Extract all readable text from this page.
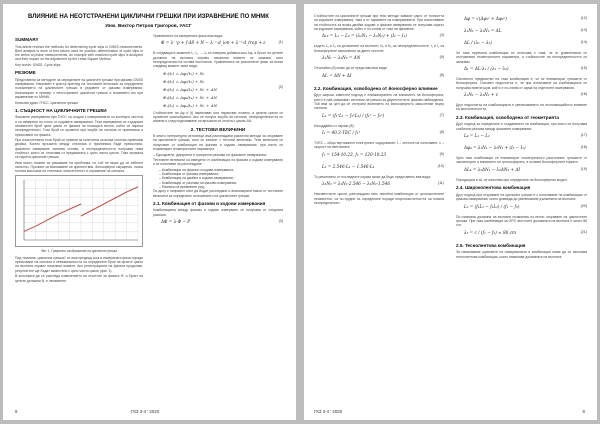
ВЛИЯНИЕ НА НЕОТСТРАНЕНИ ЦИКЛИЧНИ ГРЕШКИ ПРИ ИЗРАВНЕНИЕ ПО МНМК

Инж. Виктор Петров Григоров, УАСГ

SUMMARY

This article reviews the methods for determining cycle slips in GNSS measurements. Brief analysis is done of test values used for position determination of cycle slips in the series of phase measurements. An example with unsolved cycle slips is analyzed and their impact on the adjustment by the Least Square Method.

Key words: GNSS, Cycle slips

РЕЗЮМЕ

Представени са методите за определяне на цикличен грешки при фазови GNSS измервания. Направен е кратък преглед на тестовите величини за определяне положението на цикличните грешки в редовете от фазови измервания. Анализиран е пример с неотстранени циклични грешки и влиянието им при изравнение по МНМК.

Ключови думи: ГНСС, Циклични грешки

1. СЪЩНОСТ НА ЦИКЛИЧНИТЕ ГРЕШКИ

Фазовите измервания при ГНСС са сходни с измерванията по косинуса честота и са измерени по-точно от кодовите измервания. Тези измервания се съдържат неизвестен брой цели цикли от фазата на носещата вълна, който се нарича неопределеност. Този брой се променя при загуба на сигнала от приемника и прекъсване на фазата.

При изчисленията този брой се приема за константа за всяка спътник-приемник двойка. Когато връзката между спътника и приемника бъде прекъсната, фазовото измерване започва отново, а неопределеността получава нова стойност, която се отличава от предишната с цяло число цикли. Тази промяна се нарича циклична грешка.

Има много начини за решаване на проблема, но той не може да се избегне напълно. Причини за възникване са препятствия, йоносферни смущения, ниска ъглова височина на спътника, многопътност и отражение на сигнала.

Фиг. 1. Графично изображение на циклична грешка

Под термина „циклична грешка" се има предвид скок в измерената фаза поради прекъсване на сигнала и невъзможността на определяне броя на целите цикли на вълната спрямо началния момент. Ако регистрацията на фазата продължи, резултатите ще бъдат изместени с цяло число цикли (фиг. 1).

В колонката да се разгледа изменението на отчетите за фазата Ф, а броят на целите дължини N, е неизменен.

Уравнението на измерената фаза има вида:

Φ = λ⁻¹ρ + f·Δδ + N − λ⁻¹·d_ion + λ⁻¹·d_trop + ε	(1)

В следващите моменти t₁, t₂, ..., tₙ се измерва добавка към Δφ, а броят на целите дължини на вълната спрямо началния момент се запазва, като неопределеността остава постоянна. Уравненията на различните фази за всеки следващ момент имат вида:

Φ₁(t₁) = Δφ₁(t₁) + N₁
Φ₂(t₂) = Δφ₂(t₂) + N₁
Φ₃(t₃) = Δφ₃(t₃) + N₁ + ΔN
Φ₄(t₄) = Δφ₄(t₄) + N₁ + ΔN
Φₙ(tₙ) = Δφₙ(tₙ) + N₁ + ΔN
(2)

Стойностите на Δφ и (t) намаляват или нарастват плавно, а целите цикли се променят скокообразно. Ако се получи загуба на сигнала, неопределеността се изменя и след подновяване на връзката се отчита с цикли ΔN.

2. ТЕСТОВИ ВЕЛИЧИНИ

В много литературни източници има разглеждани различни методи за откриване на цикличните грешки, като се залагат с тестови величини. Тези величини се получават от комбинации на фазови и кодови измервания, при които се елиминират геометричните параметри.

– Еднократни, двукратни и трикратни разлики на фазовите измервания;

Тестовите величини са изведени от комбинации на фазови и кодови измервания и се използват за разглеждане:

– Комбинация на фазови и кодови измервания;

– Комбинация от фазови измервания;

– Комбинация на двойни и кодови измервания;

– Комбинация от разлики на фазови измервания;

– Разлики на времевите ред;

По-долу е направен опит да бъдат разгледани и анализирани някои от тестовите величини за определяне положението на цикличните грешки.

2.1. Комбинация от фазови и кодови измервания

Комбинацията между фазово и кодово измерване се получава от следната разлика:

ΔΦ = λ·Φ − P	(3)
8	ГКЗ 3-4 ' 2020

Стойностите на цикличните грешки при тези методи зависят както от точността на кодовите измервания, така и от шумовете на измерванията. При изчисляване на стойността за всяка двойка кодови и фазови измервания се получава шумът на кодовите измервания, който е по-голям от този на фазовите.

Δ₁₂ = L₁ − L₂ = (λ₁N₁ − λ₂N₂) + (I₂ − I₁)	(4)

където λ₁ и λ₂ са дължините на вълните; N₁ и N₂ са неопределеностите; I₁ и I₂ са йоносферните закъснения за двете честоти:

λ₁N₁ − λ₂N₂ = ΔN	(5)

Отчитайки (5) може да се представи във вида:

ΔL = ΔN + ΔI	(6)

2.2. Комбинация, освободена от йоносферно влияние

Друг широко известен подход е елиминирането на влиянието на йоносферата, което е най-значимият източник на грешки за двучестотните фазови наблюдения. Той има за цел да се отстрани влиянието на йоносферното закъснение върху сигнала:

L₃ = (f₁²L₁ − f₂²L₂) / (f₁² − f₂²)	(7)

Изходдайки от изрази (8):

I₁ = 40.3·TEC / f₁²	(8)

TVEC – общо вертикално електронно съдържание; f – честота на излъчване; c – скорост на светлината.

f₁ = 154·10.23, f₂ = 120·10.23	(9)
L₃ = 2.546·L₁ − 1.546·L₂	(10)

То решението от последните изрази може да бъде представено във вида:

λ₃N₃ = λ₁N₁·2.546 − λ₂N₂·1.546	(11)

Неизвестните цикли, разглеждани като линейна комбинация от целочислените неизвестни, са по-трудни за определяне поради нецелочислеността на новата неопределеност.

Δφ = √(Δφ₁² + Δφ₂²)	(12)
λ₁N₁ − λ₂N₂ = ΔL	(13)
ΔL / (λ₁ − λ₂)	(14)

Че така наречена комбинация се отличава с това, че от уравненията се отстраняват геометричните параметри, а стойностите на неопределеността се запазват.

Δ₁ = ΔL·λ₁ / (λ₁ − λ₂)	(15)

Основното предимство на тази комбинация е, че се елиминират грешките от йоносферата. Основен недостатък е, че при използване на комбинацията се получава повече шум, който е по-голям от шума на отделните измервания.

λ₁N₁ − λ₂N₂ + ε	(16)

Друг недостатък на комбинацията е увеличаването на пълномащабното влияние на многопътността.

2.3. Комбинация, освободена от геометрията

Друг подход за определяне е създаването на комбинация, при която се получава стабилна разлика между фазовите измервания:

L₄ = L₁ − L₂	(17)
Δφ₄ = λ₁N₁ − λ₂N₂ + (I₂ − I₁)	(18)

Чрез тази комбинация се елиминират геометричното разстояние, грешките от часовниците и влиянието на тропосферата, а остават йоносферните ефекти.

ΔL₄ = λ₁ΔN₁ − λ₂ΔN₂ + ΔI	(19)

Породицата в ΔL се използва при определяне на йоносферния модел.

2.4. Широколентова комбинация

Друг подход при откриване на циклични грешки е с използване на комбинация от фазови измервания, която довежда до увеличаване дължината на вълната:

L₅ = (f₁L₁ − f₂L₂) / (f₁ − f₂)	(20)

По-голямата дължина на вълната позволява по-лесно откриване на цикличните грешки. При тази комбинация за GPS честотите дължината на вълната е около 86 cm:

λ₅ = c / (f₁ − f₂) ≈ 86 cm	(21)

2.5. Теснолентова комбинация

За намаляване шумовете на измерванията в комбинация може да се използва теснолентова комбинация, която намалява дължината на вълната:

ГКЗ 3-4 ' 2020	9
